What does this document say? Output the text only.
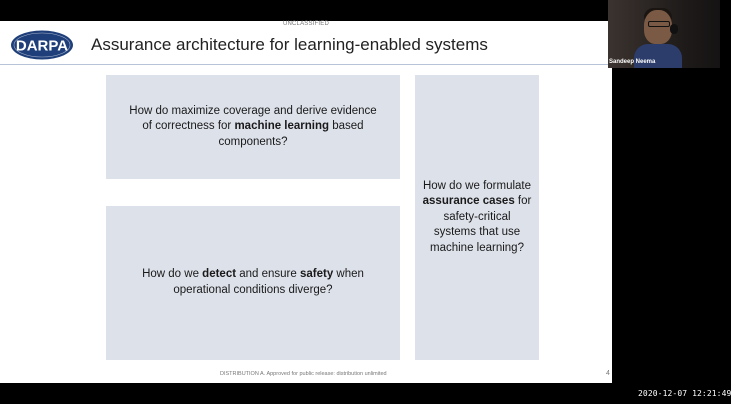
UNCLASSIFIED
DARPA Assurance architecture for learning-enabled systems

How do maximize coverage and derive evidence of correctness for machine learning based components?

How do we detect and ensure safety when operational conditions diverge?

How do we formulate assurance cases for safety-critical systems that use machine learning?

DISTRIBUTION A. Approved for public release: distribution unlimited	4
Sandeep Neema
2020-12-07 12:21:49
